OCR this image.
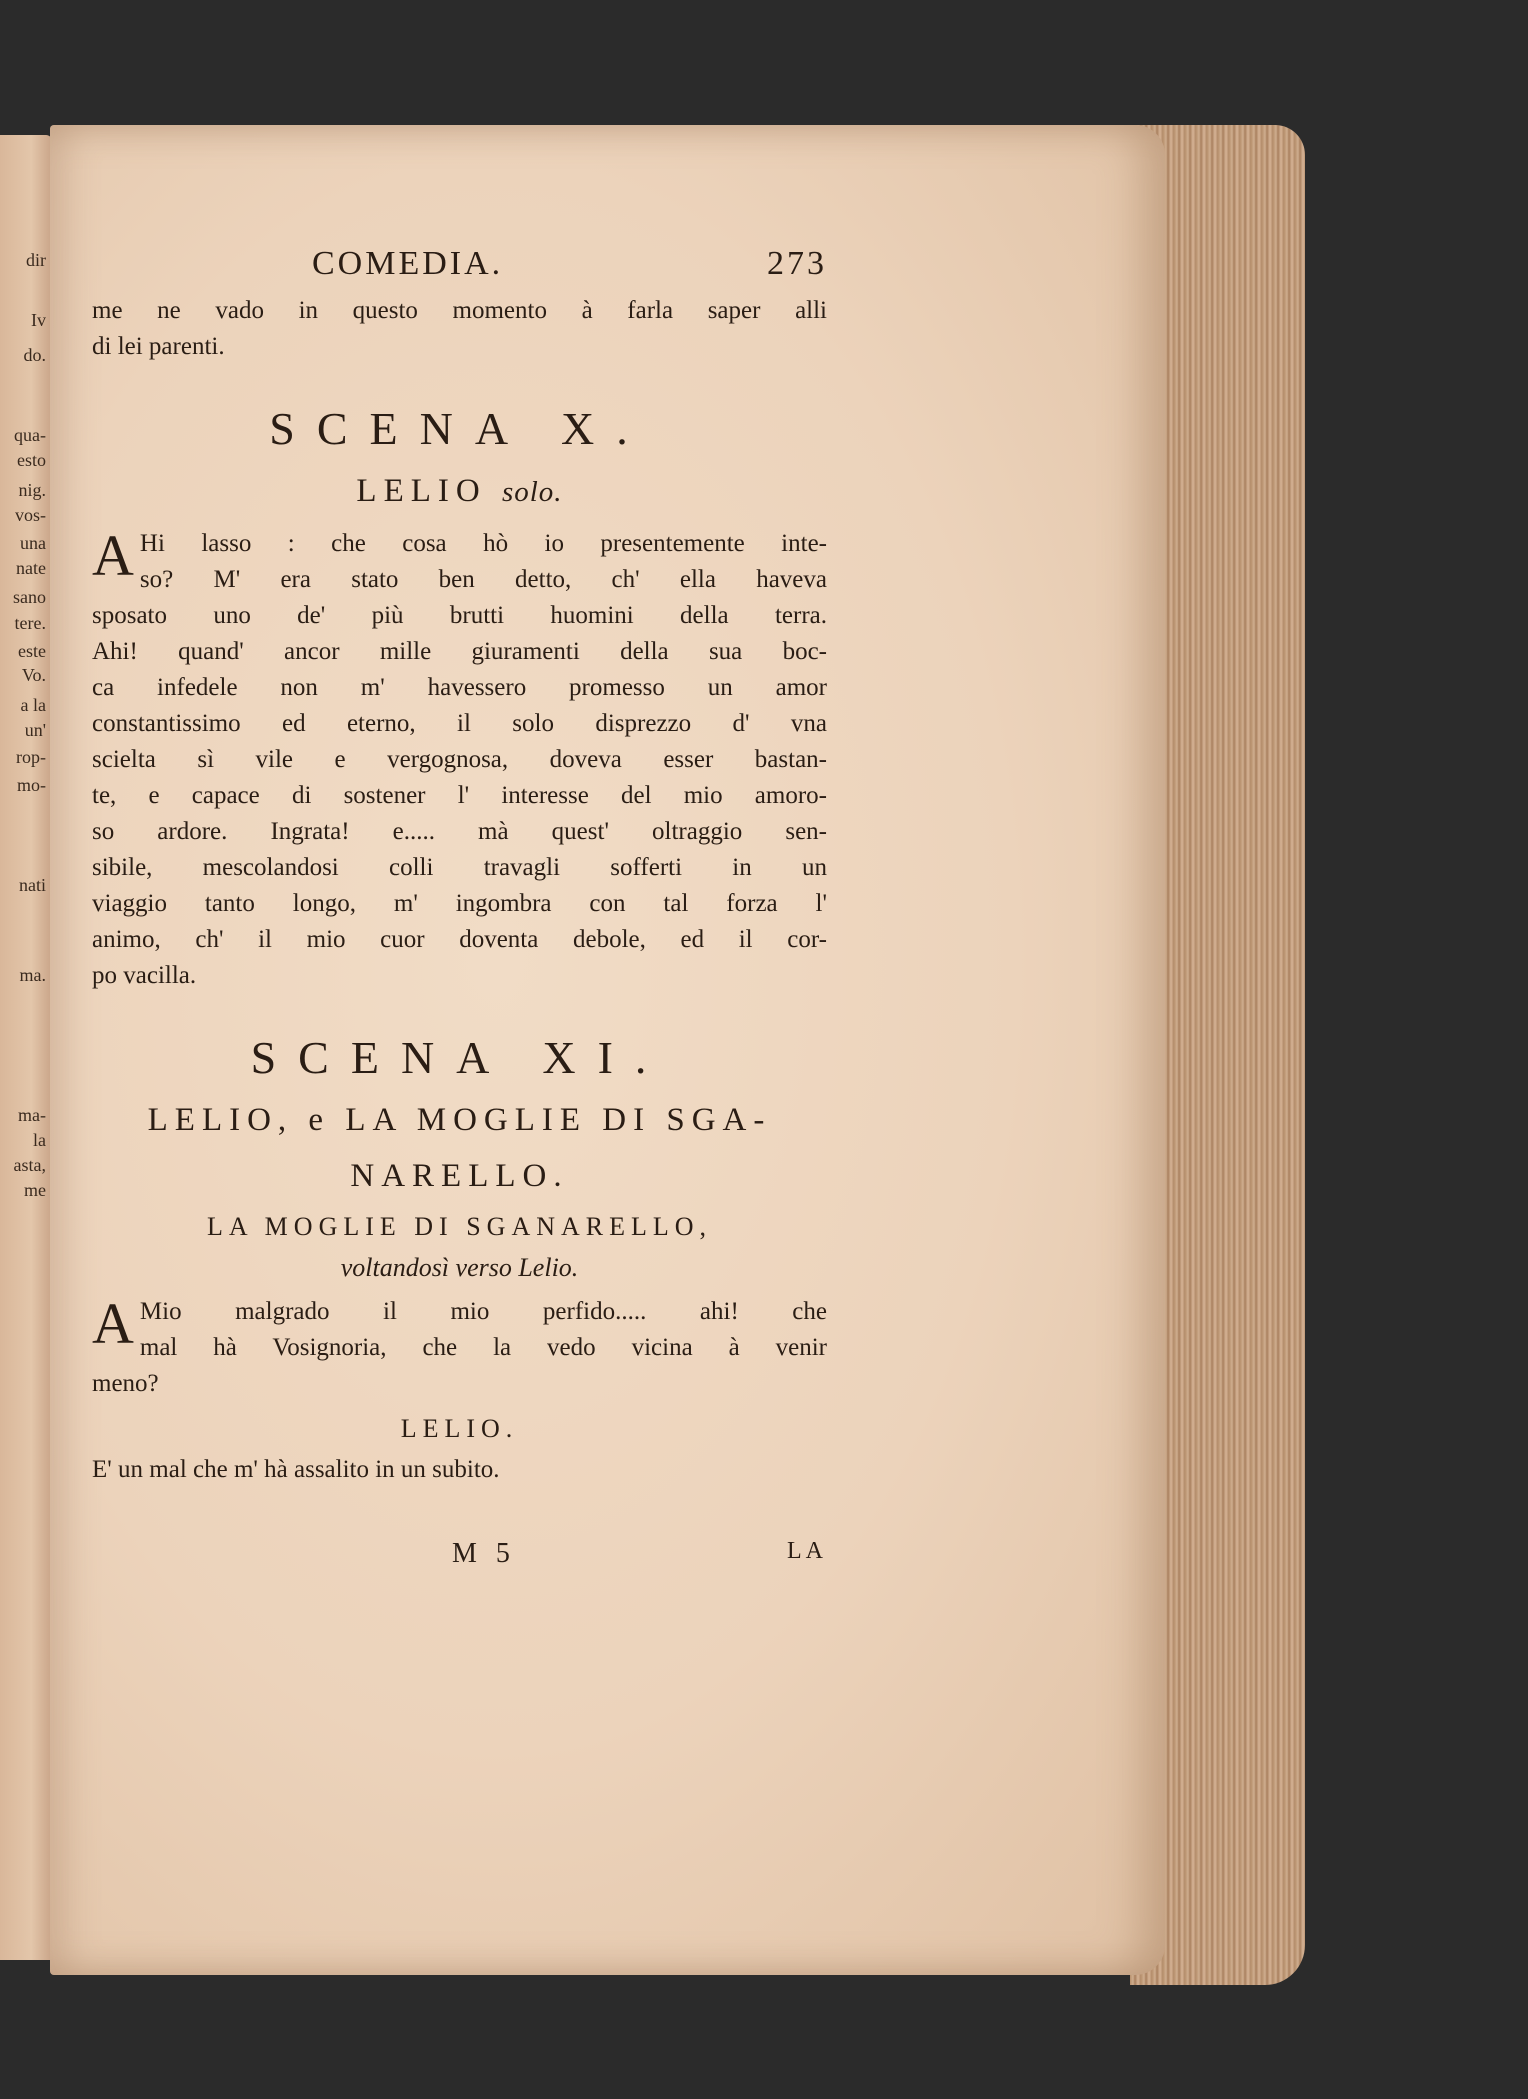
dir
Iv
do.
qua-
esto
nig.
vos-
una
nate
sano
tere.
este
Vo.
a la
un'
rop-
mo-
nati
ma.
ma-
la
asta,
me
COMEDIA.	273
me ne vado in questo momento à farla saper alli
di lei parenti.
SCENA X.
LELIO solo.
A Hi lasso : che cosa hò io presentemente inte-
so? M' era stato ben detto, ch' ella haveva
sposato uno de' più brutti huomini della terra.
Ahi! quand' ancor mille giuramenti della sua boc-
ca infedele non m' havessero promesso un amor
constantissimo ed eterno, il solo disprezzo d' vna
scielta sì vile e vergognosa, doveva esser bastan-
te, e capace di sostener l' interesse del mio amoro-
so ardore. Ingrata! e..... mà quest' oltraggio sen-
sibile, mescolandosi colli travagli sofferti in un
viaggio tanto longo, m' ingombra con tal forza l'
animo, ch' il mio cuor doventa debole, ed il cor-
po vacilla.
SCENA XI.
LELIO, e LA MOGLIE DI SGA-
NARELLO.
LA MOGLIE DI SGANARELLO,
voltandosì verso Lelio.
A Mio malgrado il mio perfido..... ahi! che
mal hà Vosignoria, che la vedo vicina à venir
meno?
LELIO.
E' un mal che m' hà assalito in un subito.
M 5	LA
